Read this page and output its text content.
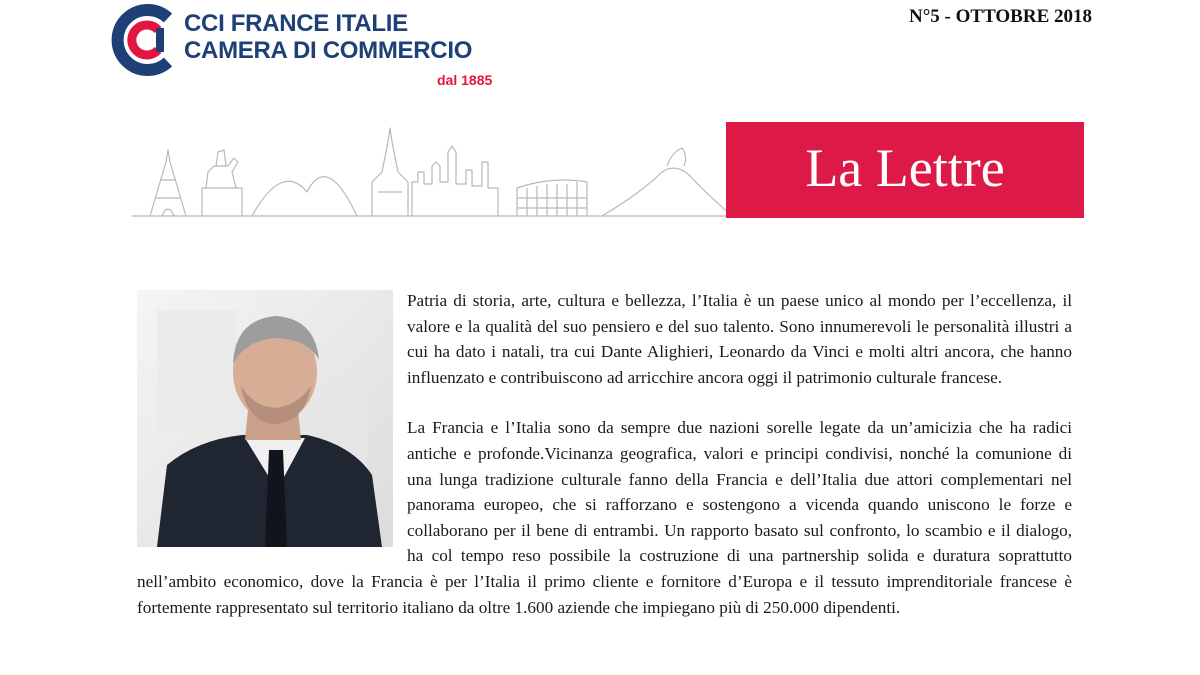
CCI FRANCE ITALIE
CAMERA DI COMMERCIO
dal 1885
N°5 - OTTOBRE 2018
La Lettre

Patria di storia, arte, cultura e bellezza, l’Italia è un paese unico al mondo per l’eccellenza, il valore e la qualità del suo pensiero e del suo talento. Sono innumerevoli le personalità illustri a cui ha dato i natali, tra cui Dante Alighieri, Leonardo da Vinci e molti altri ancora, che hanno influenzato e contribuiscono ad arricchire ancora oggi il patrimonio culturale francese.

La Francia e l’Italia sono da sempre due nazioni sorelle legate da un’amicizia che ha radici antiche e profonde.Vicinanza geografica, valori e principi condivisi, nonché la comunione di una lunga tradizione culturale fanno della Francia e dell’Italia due attori complementari nel panorama europeo, che si rafforzano e sostengono a vicenda quando uniscono le forze e collaborano per il bene di entrambi. Un rapporto basato sul confronto, lo scambio e il dialogo, ha col tempo reso possibile la costruzione di una partnership solida e duratura soprattutto nell’ambito economico, dove la Francia è per l’Italia il primo cliente e fornitore d’Europa e il tessuto imprenditoriale francese è fortemente rappresentato sul territorio italiano da oltre 1.600 aziende che impiegano più di 250.000 dipendenti.
